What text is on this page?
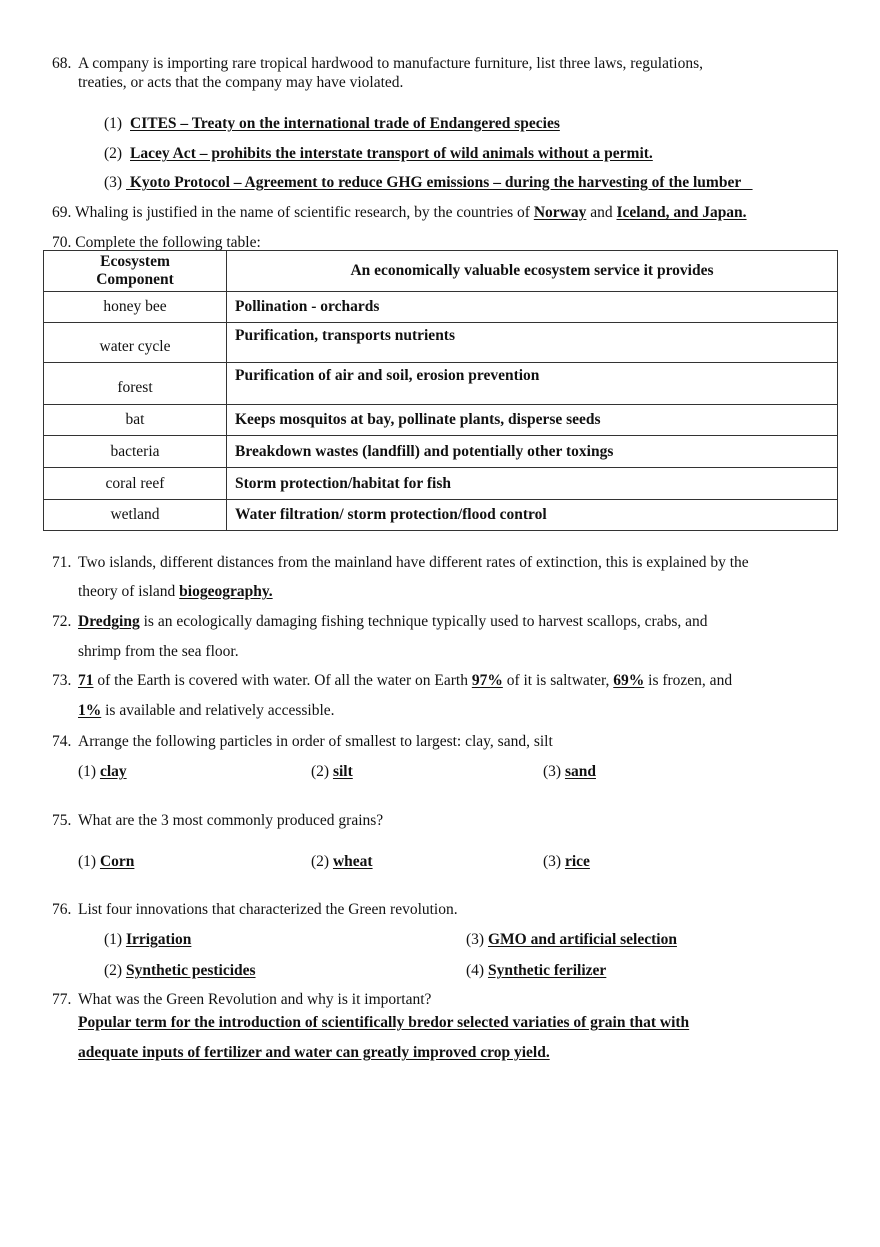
68. A company is importing rare tropical hardwood to manufacture furniture, list three laws, regulations,
treaties, or acts that the company may have violated.
(1) CITES – Treaty on the international trade of Endangered species
(2) Lacey Act – prohibits the interstate transport of wild animals without a permit.
(3) Kyoto Protocol – Agreement to reduce GHG emissions – during the harvesting of the lumber
69. Whaling is justified in the name of scientific research, by the countries of Norway and Iceland, and Japan.
70. Complete the following table:
Ecosystem
Component	An economically valuable ecosystem service it provides
honey bee	Pollination - orchards
water cycle	Purification, transports nutrients
forest	Purification of air and soil, erosion prevention
bat	Keeps mosquitos at bay, pollinate plants, disperse seeds
bacteria	Breakdown wastes (landfill) and potentially other toxings
coral reef	Storm protection/habitat for fish
wetland	Water filtration/ storm protection/flood control
71. Two islands, different distances from the mainland have different rates of extinction, this is explained by the
theory of island biogeography.
72. Dredging is an ecologically damaging fishing technique typically used to harvest scallops, crabs, and
shrimp from the sea floor.
73. 71 of the Earth is covered with water. Of all the water on Earth 97% of it is saltwater, 69% is frozen, and
1% is available and relatively accessible.
74. Arrange the following particles in order of smallest to largest: clay, sand, silt
(1) clay	(2) silt	(3) sand
75. What are the 3 most commonly produced grains?
(1) Corn	(2) wheat	(3) rice
76. List four innovations that characterized the Green revolution.
(1) Irrigation
(2) Synthetic pesticides
(3) GMO and artificial selection
(4) Synthetic ferilizer
77. What was the Green Revolution and why is it important?
Popular term for the introduction of scientifically bredor selected variaties of grain that with
adequate inputs of fertilizer and water can greatly improved crop yield.
